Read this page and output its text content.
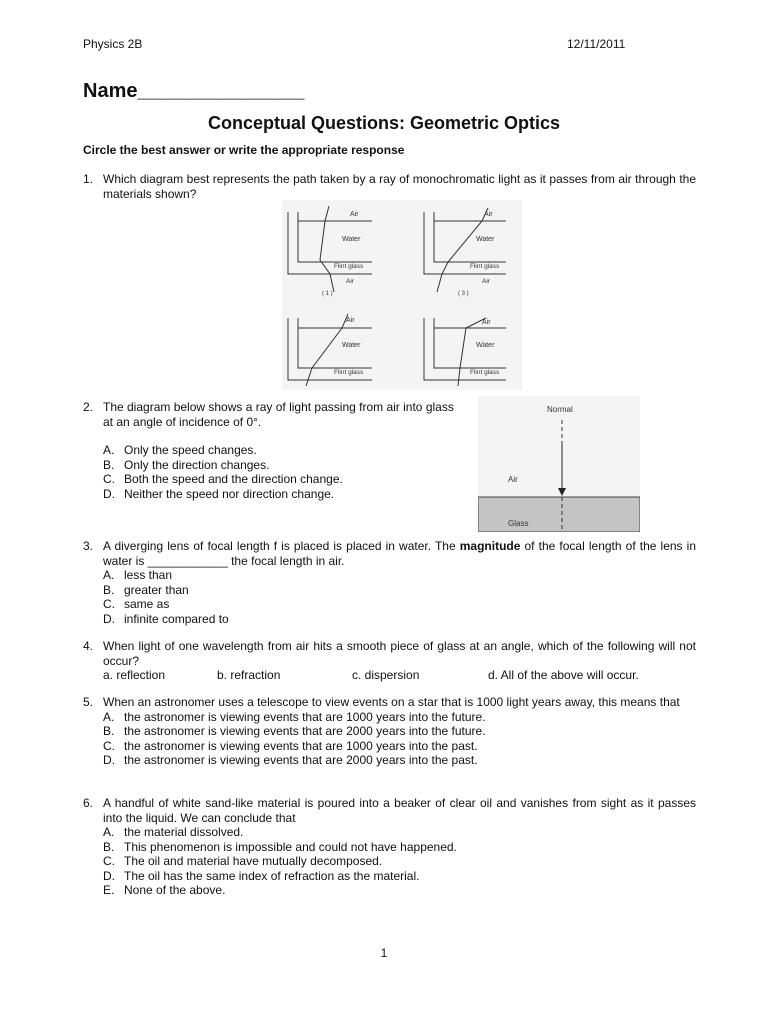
Physics 2B	12/11/2011
Name_______________
Conceptual Questions: Geometric Optics
Circle the best answer or write the appropriate response
1. Which diagram best represents the path taken by a ray of monochromatic light as it passes from air through the materials shown?
Air
Water
Flint glass
Air
( 1 )
Air
Water
Flint glass
Air
( 3 )
Air
Water
Flint glass
Air
Water
Flint glass
2. The diagram below shows a ray of light passing from air into glass at an angle of incidence of 0°.
A. Only the speed changes.
B. Only the direction changes.
C. Both the speed and the direction change.
D. Neither the speed nor direction change.
Normal
Air
Glass
3. A diverging lens of focal length f is placed is placed in water. The magnitude of the focal length of the lens in water is ____________ the focal length in air.
A. less than
B. greater than
C. same as
D. infinite compared to
4. When light of one wavelength from air hits a smooth piece of glass at an angle, which of the following will not occur?
a. reflection	b. refraction	c. dispersion	d. All of the above will occur.
5. When an astronomer uses a telescope to view events on a star that is 1000 light years away, this means that
A. the astronomer is viewing events that are 1000 years into the future.
B. the astronomer is viewing events that are 2000 years into the future.
C. the astronomer is viewing events that are 1000 years into the past.
D. the astronomer is viewing events that are 2000 years into the past.
6. A handful of white sand-like material is poured into a beaker of clear oil and vanishes from sight as it passes into the liquid. We can conclude that
A. the material dissolved.
B. This phenomenon is impossible and could not have happened.
C. The oil and material have mutually decomposed.
D. The oil has the same index of refraction as the material.
E. None of the above.
1
